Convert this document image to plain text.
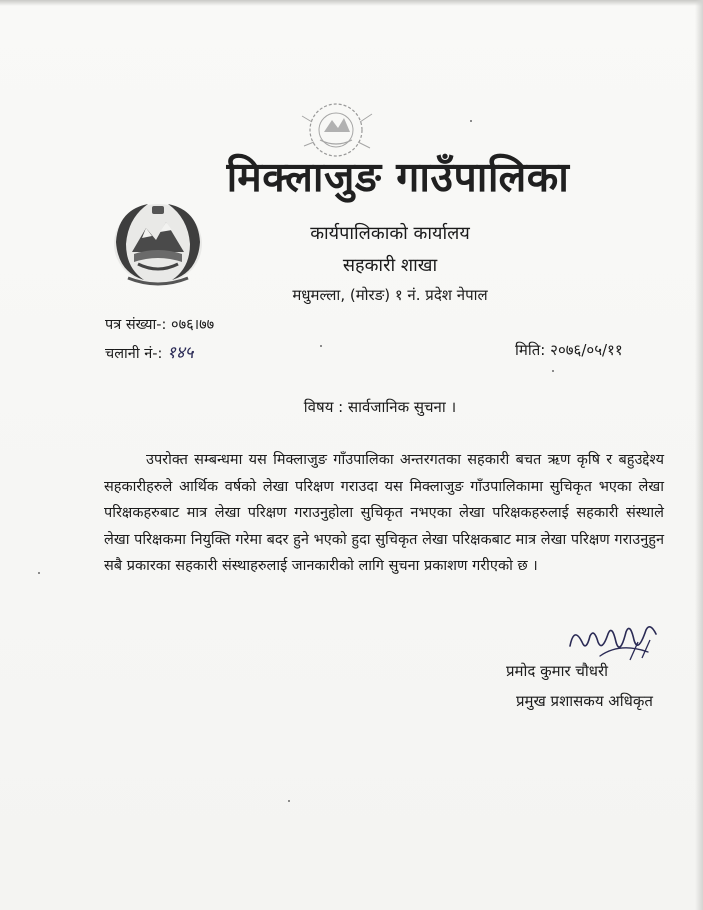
मिक्लाजुङ गाउँपालिका
कार्यपालिकाको कार्यालय
सहकारी शाखा
मधुमल्ला, (मोरङ) १ नं. प्रदेश नेपाल
पत्र संख्या-: ०७६।७७
चलानी नं-: १४५	मिति: २०७६/०५/११
विषय : सार्वजानिक सुचना ।
उपरोक्त सम्बन्धमा यस मिक्लाजुङ गाँउपालिका अन्तरगतका सहकारी बचत ऋण कृषि र बहुउद्देश्य सहकारीहरुले आर्थिक वर्षको लेखा परिक्षण गराउदा यस मिक्लाजुङ गाँउपालिकामा सुचिकृत भएका लेखा परिक्षकहरुबाट मात्र लेखा परिक्षण गराउनुहोला सुचिकृत नभएका लेखा परिक्षकहरुलाई सहकारी संस्थाले लेखा परिक्षकमा नियुक्ति गरेमा बदर हुने भएको हुदा सुचिकृत लेखा परिक्षकबाट मात्र लेखा परिक्षण गराउनुहुन सबै प्रकारका सहकारी संस्थाहरुलाई जानकारीको लागि सुचना प्रकाशण गरीएको छ ।
प्रमोद कुमार चौधरी
प्रमुख प्रशासकय अधिकृत
